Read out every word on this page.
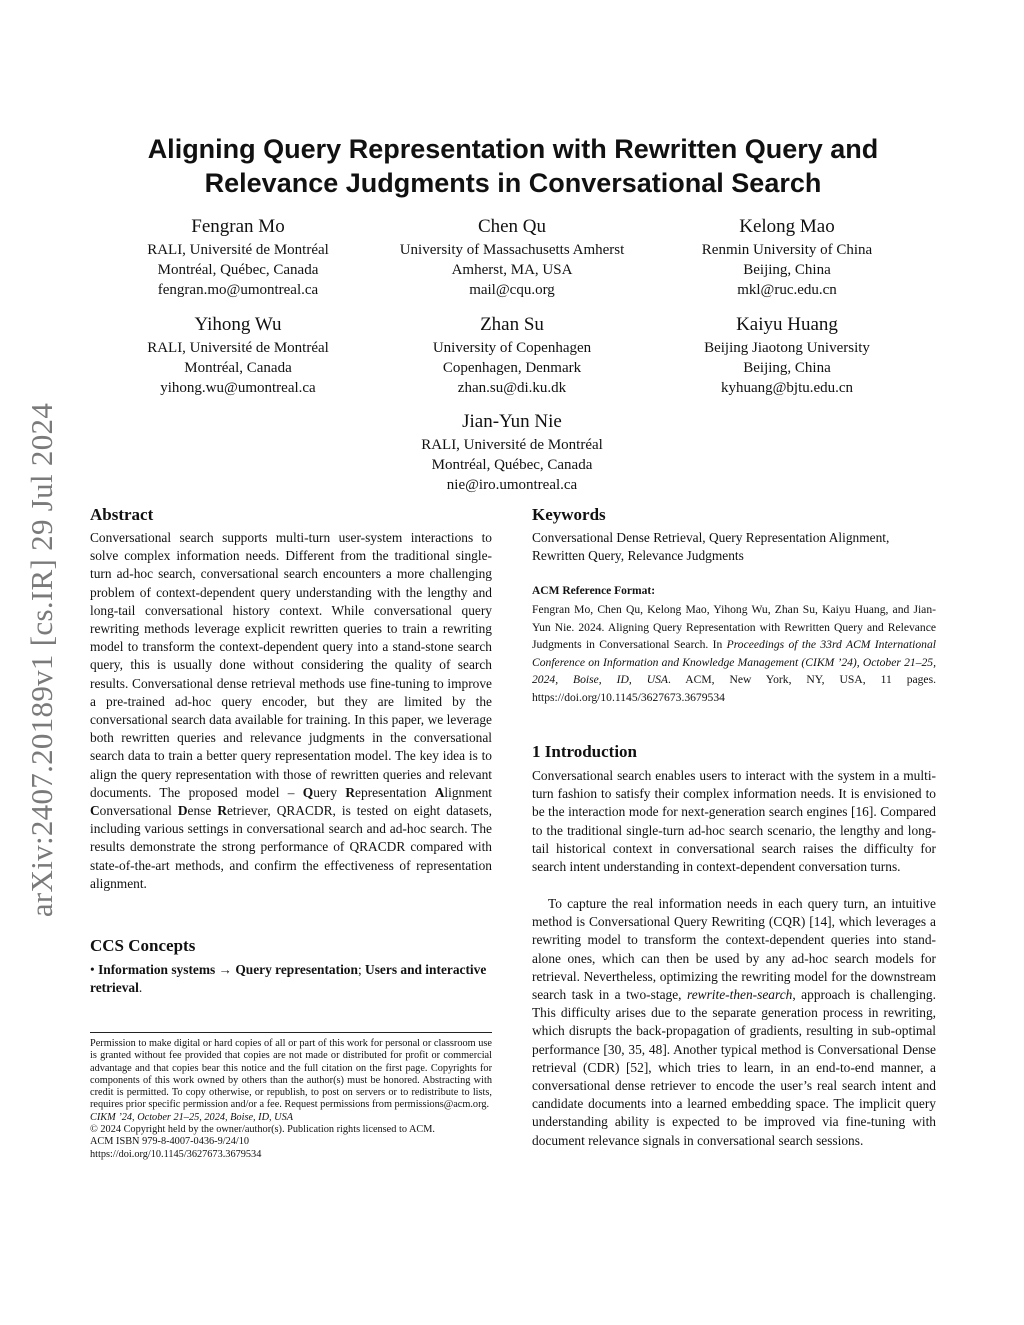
arXiv:2407.20189v1 [cs.IR] 29 Jul 2024
Aligning Query Representation with Rewritten Query and
Relevance Judgments in Conversational Search
Fengran Mo
RALI, Université de Montréal
Montréal, Québec, Canada
fengran.mo@umontreal.ca
Chen Qu
University of Massachusetts Amherst
Amherst, MA, USA
mail@cqu.org
Kelong Mao
Renmin University of China
Beijing, China
mkl@ruc.edu.cn
Yihong Wu
RALI, Université de Montréal
Montréal, Canada
yihong.wu@umontreal.ca
Zhan Su
University of Copenhagen
Copenhagen, Denmark
zhan.su@di.ku.dk
Kaiyu Huang
Beijing Jiaotong University
Beijing, China
kyhuang@bjtu.edu.cn
Jian-Yun Nie
RALI, Université de Montréal
Montréal, Québec, Canada
nie@iro.umontreal.ca
Abstract

Conversational search supports multi-turn user-system interactions to solve complex information needs. Different from the traditional single-turn ad-hoc search, conversational search encounters a more challenging problem of context-dependent query understanding with the lengthy and long-tail conversational history context. While conversational query rewriting methods leverage explicit rewritten queries to train a rewriting model to transform the context-dependent query into a stand-stone search query, this is usually done without considering the quality of search results. Conversational dense retrieval methods use fine-tuning to improve a pre-trained ad-hoc query encoder, but they are limited by the conversational search data available for training. In this paper, we leverage both rewritten queries and relevance judgments in the conversational search data to train a better query representation model. The key idea is to align the query representation with those of rewritten queries and relevant documents. The proposed model – Query Representation Alignment Conversational Dense Retriever, QRACDR, is tested on eight datasets, including various settings in conversational search and ad-hoc search. The results demonstrate the strong performance of QRACDR compared with state-of-the-art methods, and confirm the effectiveness of representation alignment.

CCS Concepts

• Information systems → Query representation; Users and interactive retrieval.

Permission to make digital or hard copies of all or part of this work for personal or classroom use is granted without fee provided that copies are not made or distributed for profit or commercial advantage and that copies bear this notice and the full citation on the first page. Copyrights for components of this work owned by others than the author(s) must be honored. Abstracting with credit is permitted. To copy otherwise, or republish, to post on servers or to redistribute to lists, requires prior specific permission and/or a fee. Request permissions from permissions@acm.org.

CIKM ’24, October 21–25, 2024, Boise, ID, USA

© 2024 Copyright held by the owner/author(s). Publication rights licensed to ACM.

ACM ISBN 979-8-4007-0436-9/24/10

https://doi.org/10.1145/3627673.3679534

Keywords

Conversational Dense Retrieval, Query Representation Alignment, Rewritten Query, Relevance Judgments

ACM Reference Format:

Fengran Mo, Chen Qu, Kelong Mao, Yihong Wu, Zhan Su, Kaiyu Huang, and Jian-Yun Nie. 2024. Aligning Query Representation with Rewritten Query and Relevance Judgments in Conversational Search. In Proceedings of the 33rd ACM International Conference on Information and Knowledge Management (CIKM ’24), October 21–25, 2024, Boise, ID, USA. ACM, New York, NY, USA, 11 pages. https://doi.org/10.1145/3627673.3679534

1 Introduction

Conversational search enables users to interact with the system in a multi-turn fashion to satisfy their complex information needs. It is envisioned to be the interaction mode for next-generation search engines [16]. Compared to the traditional single-turn ad-hoc search scenario, the lengthy and long-tail historical context in conversational search raises the difficulty for search intent understanding in context-dependent conversation turns.

To capture the real information needs in each query turn, an intuitive method is Conversational Query Rewriting (CQR) [14], which leverages a rewriting model to transform the context-dependent queries into stand-alone ones, which can then be used by any ad-hoc search models for retrieval. Nevertheless, optimizing the rewriting model for the downstream search task in a two-stage, rewrite-then-search, approach is challenging. This difficulty arises due to the separate generation process in rewriting, which disrupts the back-propagation of gradients, resulting in sub-optimal performance [30, 35, 48]. Another typical method is Conversational Dense retrieval (CDR) [52], which tries to learn, in an end-to-end manner, a conversational dense retriever to encode the user’s real search intent and candidate documents into a learned embedding space. The implicit query understanding ability is expected to be improved via fine-tuning with document relevance signals in conversational search sessions.
